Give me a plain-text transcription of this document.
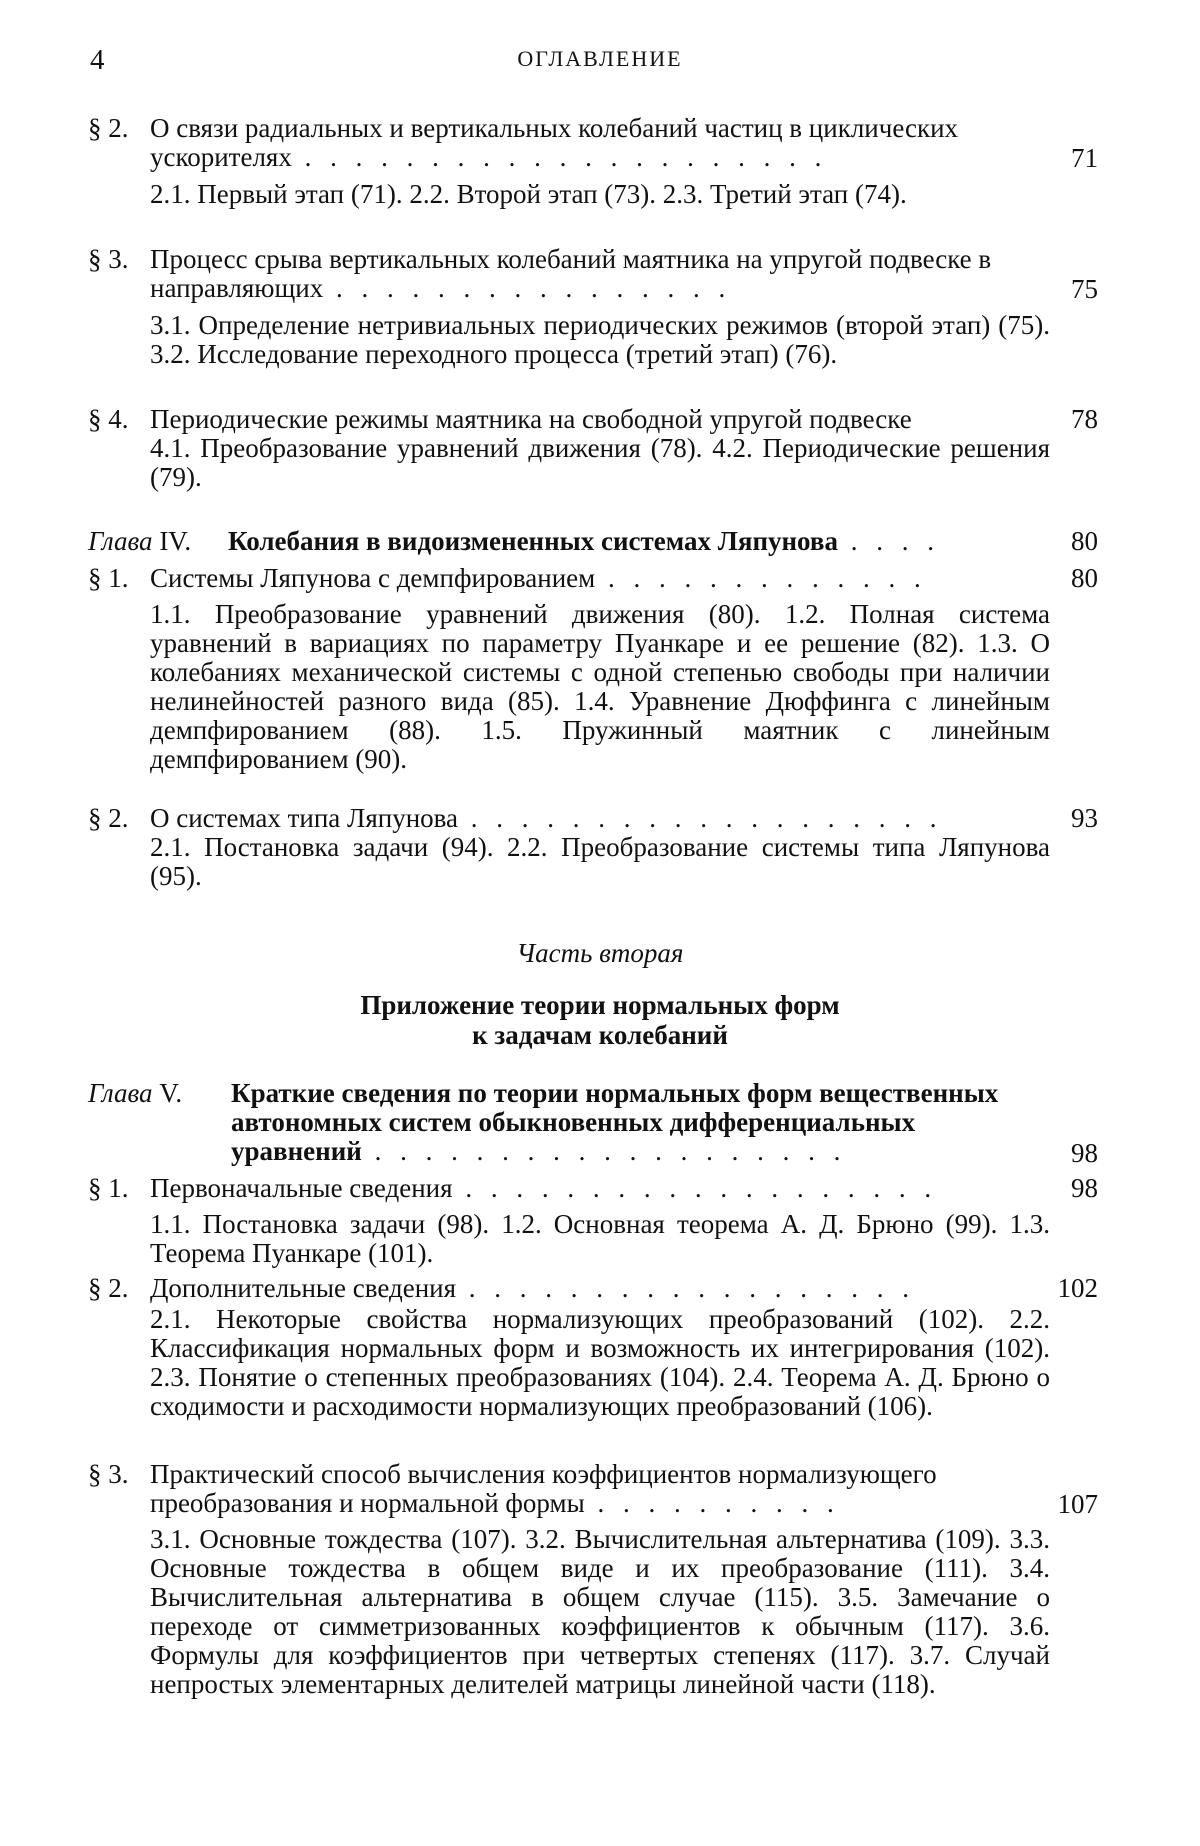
4	ОГЛАВЛЕНИЕ
§ 2. О связи радиальных и вертикальных колебаний частиц в циклических ускорителях . . . . . . . . . . . . . . . . . . . . .	71
2.1. Первый этап (71). 2.2. Второй этап (73). 2.3. Третий этап (74).
§ 3. Процесс срыва вертикальных колебаний маятника на упругой подвеске в направляющих . . . . . . . . . . . . . . . .	75
3.1. Определение нетривиальных периодических режимов (второй этап) (75). 3.2. Исследование переходного процесса (третий этап) (76).
§ 4. Периодические режимы маятника на свободной упругой подвеске	78
4.1. Преобразование уравнений движения (78). 4.2. Периодические решения (79).
Глава IV. Колебания в видоизмененных системах Ляпунова . . . .	80
§ 1. Системы Ляпунова с демпфированием . . . . . . . . . . . . .	80
1.1. Преобразование уравнений движения (80). 1.2. Полная система уравнений в вариациях по параметру Пуанкаре и ее решение (82). 1.3. О колебаниях механической системы с одной степенью свободы при наличии нелинейностей разного вида (85). 1.4. Уравнение Дюффинга с линейным демпфированием (88). 1.5. Пружинный маятник с линейным демпфированием (90).
§ 2. О системах типа Ляпунова . . . . . . . . . . . . . . . . . . .	93
2.1. Постановка задачи (94). 2.2. Преобразование системы типа Ляпунова (95).
Часть вторая
Приложение теории нормальных форм
к задачам колебаний
Глава V. Краткие сведения по теории нормальных форм вещественных автономных систем обыкновенных дифференциальных уравнений . . . . . . . . . . . . . . . . . . .	98
§ 1. Первоначальные сведения . . . . . . . . . . . . . . . . . . .	98
1.1. Постановка задачи (98). 1.2. Основная теорема А. Д. Брюно (99). 1.3. Теорема Пуанкаре (101).
§ 2. Дополнительные сведения . . . . . . . . . . . . . . . . . .	102
2.1. Некоторые свойства нормализующих преобразований (102). 2.2. Классификация нормальных форм и возможность их интегрирования (102). 2.3. Понятие о степенных преобразованиях (104). 2.4. Теорема А. Д. Брюно о сходимости и расходимости нормализующих преобразований (106).
§ 3. Практический способ вычисления коэффициентов нормализующего преобразования и нормальной формы . . . . . . . . . .	107
3.1. Основные тождества (107). 3.2. Вычислительная альтернатива (109). 3.3. Основные тождества в общем виде и их преобразование (111). 3.4. Вычислительная альтернатива в общем случае (115). 3.5. Замечание о переходе от симметризованных коэффициентов к обычным (117). 3.6. Формулы для коэффициентов при четвертых степенях (117). 3.7. Случай непростых элементарных делителей матрицы линейной части (118).
